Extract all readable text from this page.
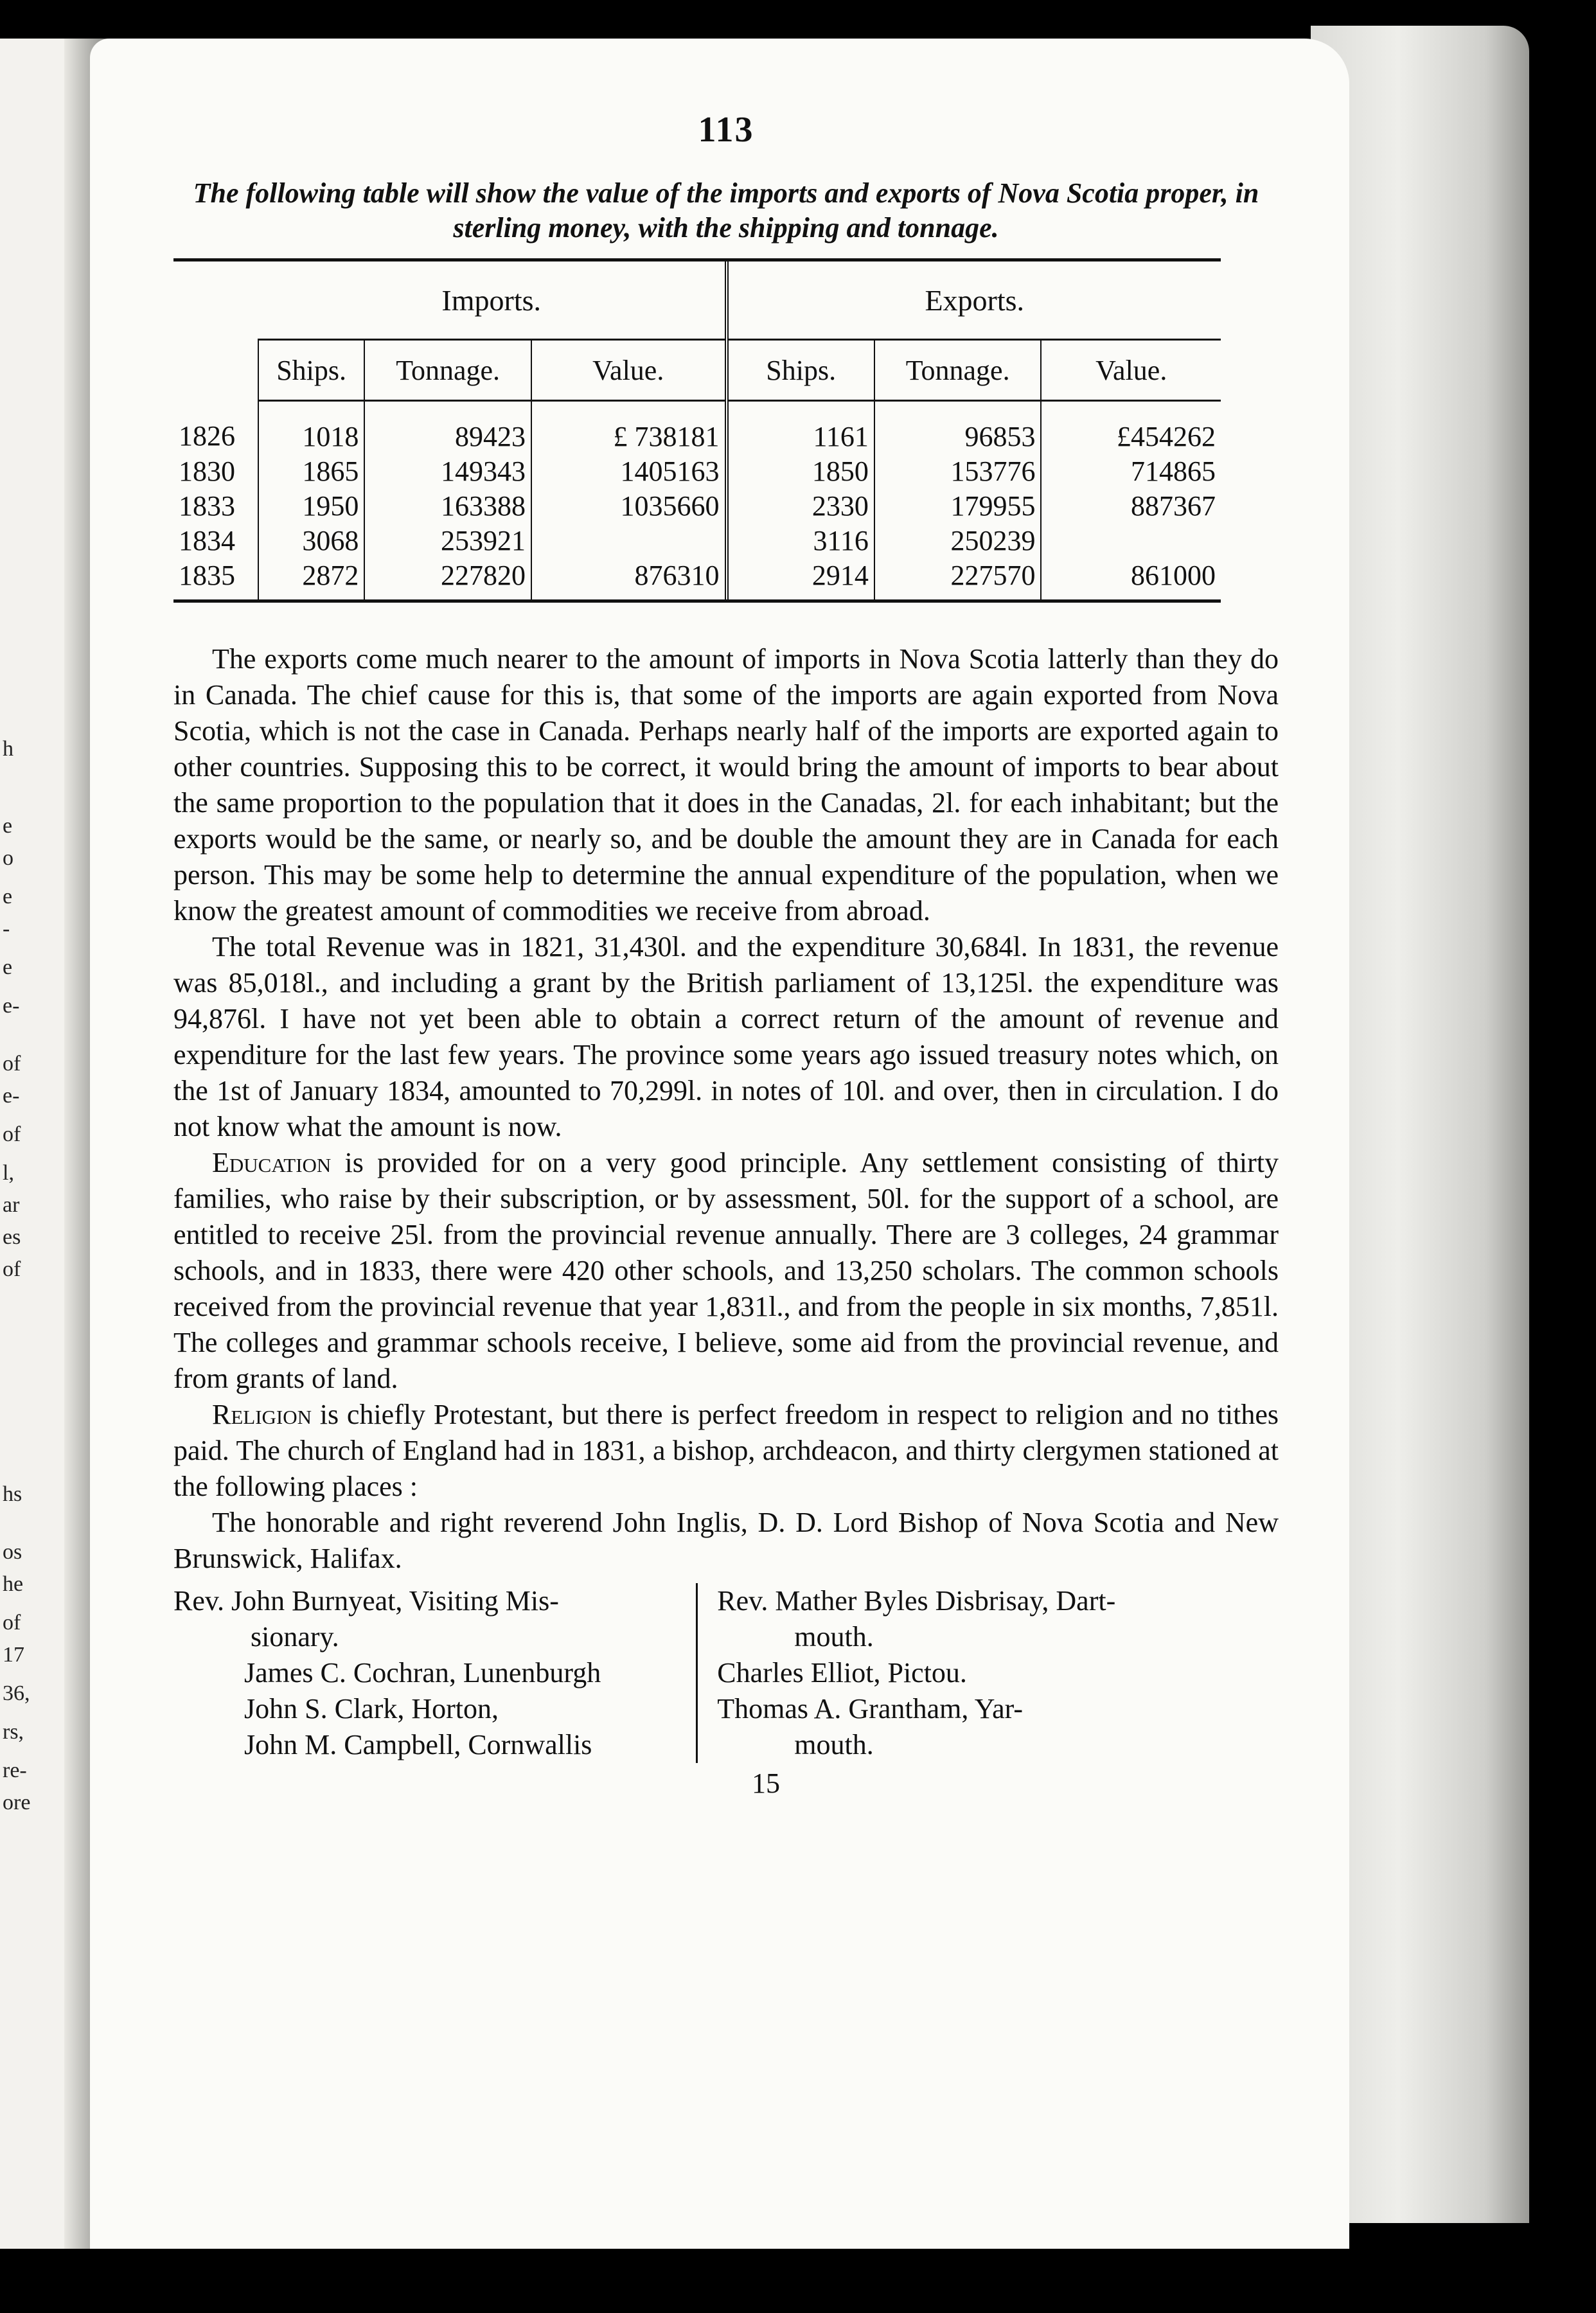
h
e
o
e
-
e
e-
of
e-
of
l,
ar
es
of
hs
os
he
of
17
36,
rs,
re-
ore
113
The following table will show the value of the imports and exports of Nova Scotia proper, in sterling money, with the shipping and tonnage.
	Imports.			Exports.		
	Ships.	Tonnage.	Value.	Ships.	Tonnage.	Value.
1826	1018	89423	£ 738181	1161	96853	£454262
1830	1865	149343	1405163	1850	153776	714865
1833	1950	163388	1035660	2330	179955	887367
1834	3068	253921		3116	250239	
1835	2872	227820	876310	2914	227570	861000

The exports come much nearer to the amount of imports in Nova Scotia latterly than they do in Canada. The chief cause for this is, that some of the imports are again exported from Nova Scotia, which is not the case in Canada. Perhaps nearly half of the imports are exported again to other countries. Supposing this to be correct, it would bring the amount of imports to bear about the same proportion to the population that it does in the Canadas, 2l. for each inhabitant; but the exports would be the same, or nearly so, and be double the amount they are in Canada for each person. This may be some help to determine the annual expenditure of the population, when we know the greatest amount of commodities we receive from abroad.

The total Revenue was in 1821, 31,430l. and the expenditure 30,684l. In 1831, the revenue was 85,018l., and including a grant by the British parliament of 13,125l. the expenditure was 94,876l. I have not yet been able to obtain a correct return of the amount of revenue and expenditure for the last few years. The province some years ago issued treasury notes which, on the 1st of January 1834, amounted to 70,299l. in notes of 10l. and over, then in circulation. I do not know what the amount is now.

Education is provided for on a very good principle. Any settlement consisting of thirty families, who raise by their subscription, or by assessment, 50l. for the support of a school, are entitled to receive 25l. from the provincial revenue annually. There are 3 colleges, 24 grammar schools, and in 1833, there were 420 other schools, and 13,250 scholars. The common schools received from the provincial revenue that year 1,831l., and from the people in six months, 7,851l. The colleges and grammar schools receive, I believe, some aid from the provincial revenue, and from grants of land.

Religion is chiefly Protestant, but there is perfect freedom in respect to religion and no tithes paid. The church of England had in 1831, a bishop, archdeacon, and thirty clergymen stationed at the following places :

The honorable and right reverend John Inglis, D. D. Lord Bishop of Nova Scotia and New Brunswick, Halifax.

Rev. John Burnyeat, Visiting Mis-
sionary.
James C. Cochran, Lunenburgh
John S. Clark, Horton,
John M. Campbell, Cornwallis
Rev. Mather Byles Disbrisay, Dart-
mouth.
Charles Elliot, Pictou.
Thomas A. Grantham, Yar-
mouth.
15
